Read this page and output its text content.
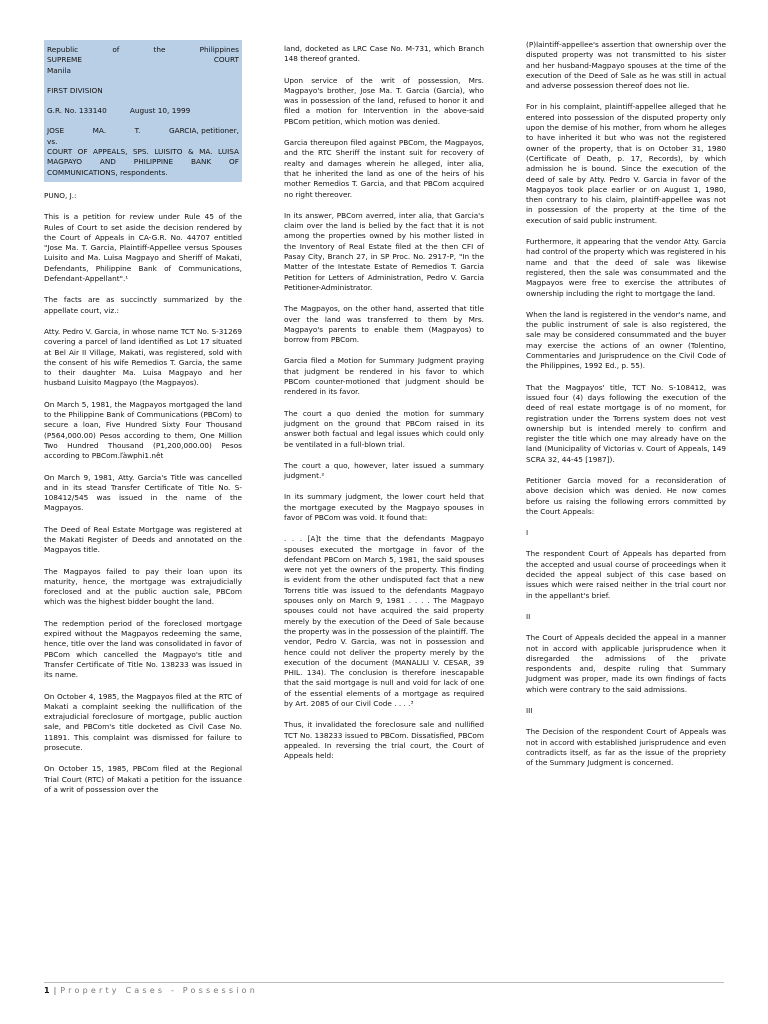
Republic	of	the	Philippines
SUPREME	COURT
Manila
FIRST DIVISION
G.R. No. 133140	August 10, 1999
JOSE	MA.	T.	GARCIA, petitioner,
vs.
COURT OF APPEALS, SPS. LUISITO & MA. LUISA MAGPAYO AND PHILIPPINE BANK OF COMMUNICATIONS, respondents.

PUNO, J.:

This is a petition for review under Rule 45 of the Rules of Court to set aside the decision rendered by the Court of Appeals in CA-G.R. No. 44707 entitled "Jose Ma. T. Garcia, Plaintiff-Appellee versus Spouses Luisito and Ma. Luisa Magpayo and Sheriff of Makati, Defendants, Philippine Bank of Communications, Defendant-Appellant".¹

The facts are as succinctly summarized by the appellate court, viz.:

Atty. Pedro V. Garcia, in whose name TCT No. S-31269 covering a parcel of land identified as Lot 17 situated at Bel Air II Village, Makati, was registered, sold with the consent of his wife Remedios T. Garcia, the same to their daughter Ma. Luisa Magpayo and her husband Luisito Magpayo (the Magpayos).

On March 5, 1981, the Magpayos mortgaged the land to the Philippine Bank of Communications (PBCom) to secure a loan, Five Hundred Sixty Four Thousand (P564,000.00) Pesos according to them, One Million Two Hundred Thousand (P1,200,000.00) Pesos according to PBCom.ľàwphi1.nêt

On March 9, 1981, Atty. Garcia's Title was cancelled and in its stead Transfer Certificate of Title No. S-108412/545 was issued in the name of the Magpayos.

The Deed of Real Estate Mortgage was registered at the Makati Register of Deeds and annotated on the Magpayos title.

The Magpayos failed to pay their loan upon its maturity, hence, the mortgage was extrajudicially foreclosed and at the public auction sale, PBCom which was the highest bidder bought the land.

The redemption period of the foreclosed mortgage expired without the Magpayos redeeming the same, hence, title over the land was consolidated in favor of PBCom which cancelled the Magpayo's title and Transfer Certificate of Title No. 138233 was issued in its name.

On October 4, 1985, the Magpayos filed at the RTC of Makati a complaint seeking the nullification of the extrajudicial foreclosure of mortgage, public auction sale, and PBCom's title docketed as Civil Case No. 11891. This complaint was dismissed for failure to prosecute.

On October 15, 1985, PBCom filed at the Regional Trial Court (RTC) of Makati a petition for the issuance of a writ of possession over the

land, docketed as LRC Case No. M-731, which Branch 148 thereof granted.

Upon service of the writ of possession, Mrs. Magpayo's brother, Jose Ma. T. Garcia (Garcia), who was in possession of the land, refused to honor it and filed a motion for Intervention in the above-said PBCom petition, which motion was denied.

Garcia thereupon filed against PBCom, the Magpayos, and the RTC Sheriff the instant suit for recovery of realty and damages wherein he alleged, inter alia, that he inherited the land as one of the heirs of his mother Remedios T. Garcia, and that PBCom acquired no right thereover.

In its answer, PBCom averred, inter alia, that Garcia's claim over the land is belied by the fact that it is not among the properties owned by his mother listed in the Inventory of Real Estate filed at the then CFI of Pasay City, Branch 27, in SP Proc. No. 2917-P, "In the Matter of the Intestate Estate of Remedios T. Garcia Petition for Letters of Administration, Pedro V. Garcia Petitioner-Administrator.

The Magpayos, on the other hand, asserted that title over the land was transferred to them by Mrs. Magpayo's parents to enable them (Magpayos) to borrow from PBCom.

Garcia filed a Motion for Summary Judgment praying that judgment be rendered in his favor to which PBCom counter-motioned that judgment should be rendered in its favor.

The court a quo denied the motion for summary judgment on the ground that PBCom raised in its answer both factual and legal issues which could only be ventilated in a full-blown trial.

The court a quo, however, later issued a summary judgment.²

In its summary judgment, the lower court held that the mortgage executed by the Magpayo spouses in favor of PBCom was void. It found that:

. . . [A]t the time that the defendants Magpayo spouses executed the mortgage in favor of the defendant PBCom on March 5, 1981, the said spouses were not yet the owners of the property. This finding is evident from the other undisputed fact that a new Torrens title was issued to the defendants Magpayo spouses only on March 9, 1981 . . . . The Magpayo spouses could not have acquired the said property merely by the execution of the Deed of Sale because the property was in the possession of the plaintiff. The vendor, Pedro V. Garcia, was not in possession and hence could not deliver the property merely by the execution of the document (MANALILI V. CESAR, 39 PHIL. 134). The conclusion is therefore inescapable that the said mortgage is null and void for lack of one of the essential elements of a mortgage as required by Art. 2085 of our Civil Code . . . .³

Thus, it invalidated the foreclosure sale and nullified TCT No. 138233 issued to PBCom. Dissatisfied, PBCom appealed. In reversing the trial court, the Court of Appeals held:

(P)laintiff-appellee's assertion that ownership over the disputed property was not transmitted to his sister and her husband-Magpayo spouses at the time of the execution of the Deed of Sale as he was still in actual and adverse possession thereof does not lie.

For in his complaint, plaintiff-appellee alleged that he entered into possession of the disputed property only upon the demise of his mother, from whom he alleges to have inherited it but who was not the registered owner of the property, that is on October 31, 1980 (Certificate of Death, p. 17, Records), by which admission he is bound. Since the execution of the deed of sale by Atty. Pedro V. Garcia in favor of the Magpayos took place earlier or on August 1, 1980, then contrary to his claim, plaintiff-appellee was not in possession of the property at the time of the execution of said public instrument.

Furthermore, it appearing that the vendor Atty. Garcia had control of the property which was registered in his name and that the deed of sale was likewise registered, then the sale was consummated and the Magpayos were free to exercise the attributes of ownership including the right to mortgage the land.

When the land is registered in the vendor's name, and the public instrument of sale is also registered, the sale may be considered consummated and the buyer may exercise the actions of an owner (Tolentino, Commentaries and Jurisprudence on the Civil Code of the Philippines, 1992 Ed., p. 55).

That the Magpayos' title, TCT No. S-108412, was issued four (4) days following the execution of the deed of real estate mortgage is of no moment, for registration under the Torrens system does not vest ownership but is intended merely to confirm and register the title which one may already have on the land (Municipality of Victorias v. Court of Appeals, 149 SCRA 32, 44-45 [1987]).

Petitioner Garcia moved for a reconsideration of above decision which was denied. He now comes before us raising the following errors committed by the Court Appeals:

I

The respondent Court of Appeals has departed from the accepted and usual course of proceedings when it decided the appeal subject of this case based on issues which were raised neither in the trial court nor in the appellant's brief.

II

The Court of Appeals decided the appeal in a manner not in accord with applicable jurisprudence when it disregarded the admissions of the private respondents and, despite ruling that Summary Judgment was proper, made its own findings of facts which were contrary to the said admissions.

III

The Decision of the respondent Court of Appeals was not in accord with established jurisprudence and even contradicts itself, as far as the issue of the propriety of the Summary Judgment is concerned.

1 | Property Cases - Possession
